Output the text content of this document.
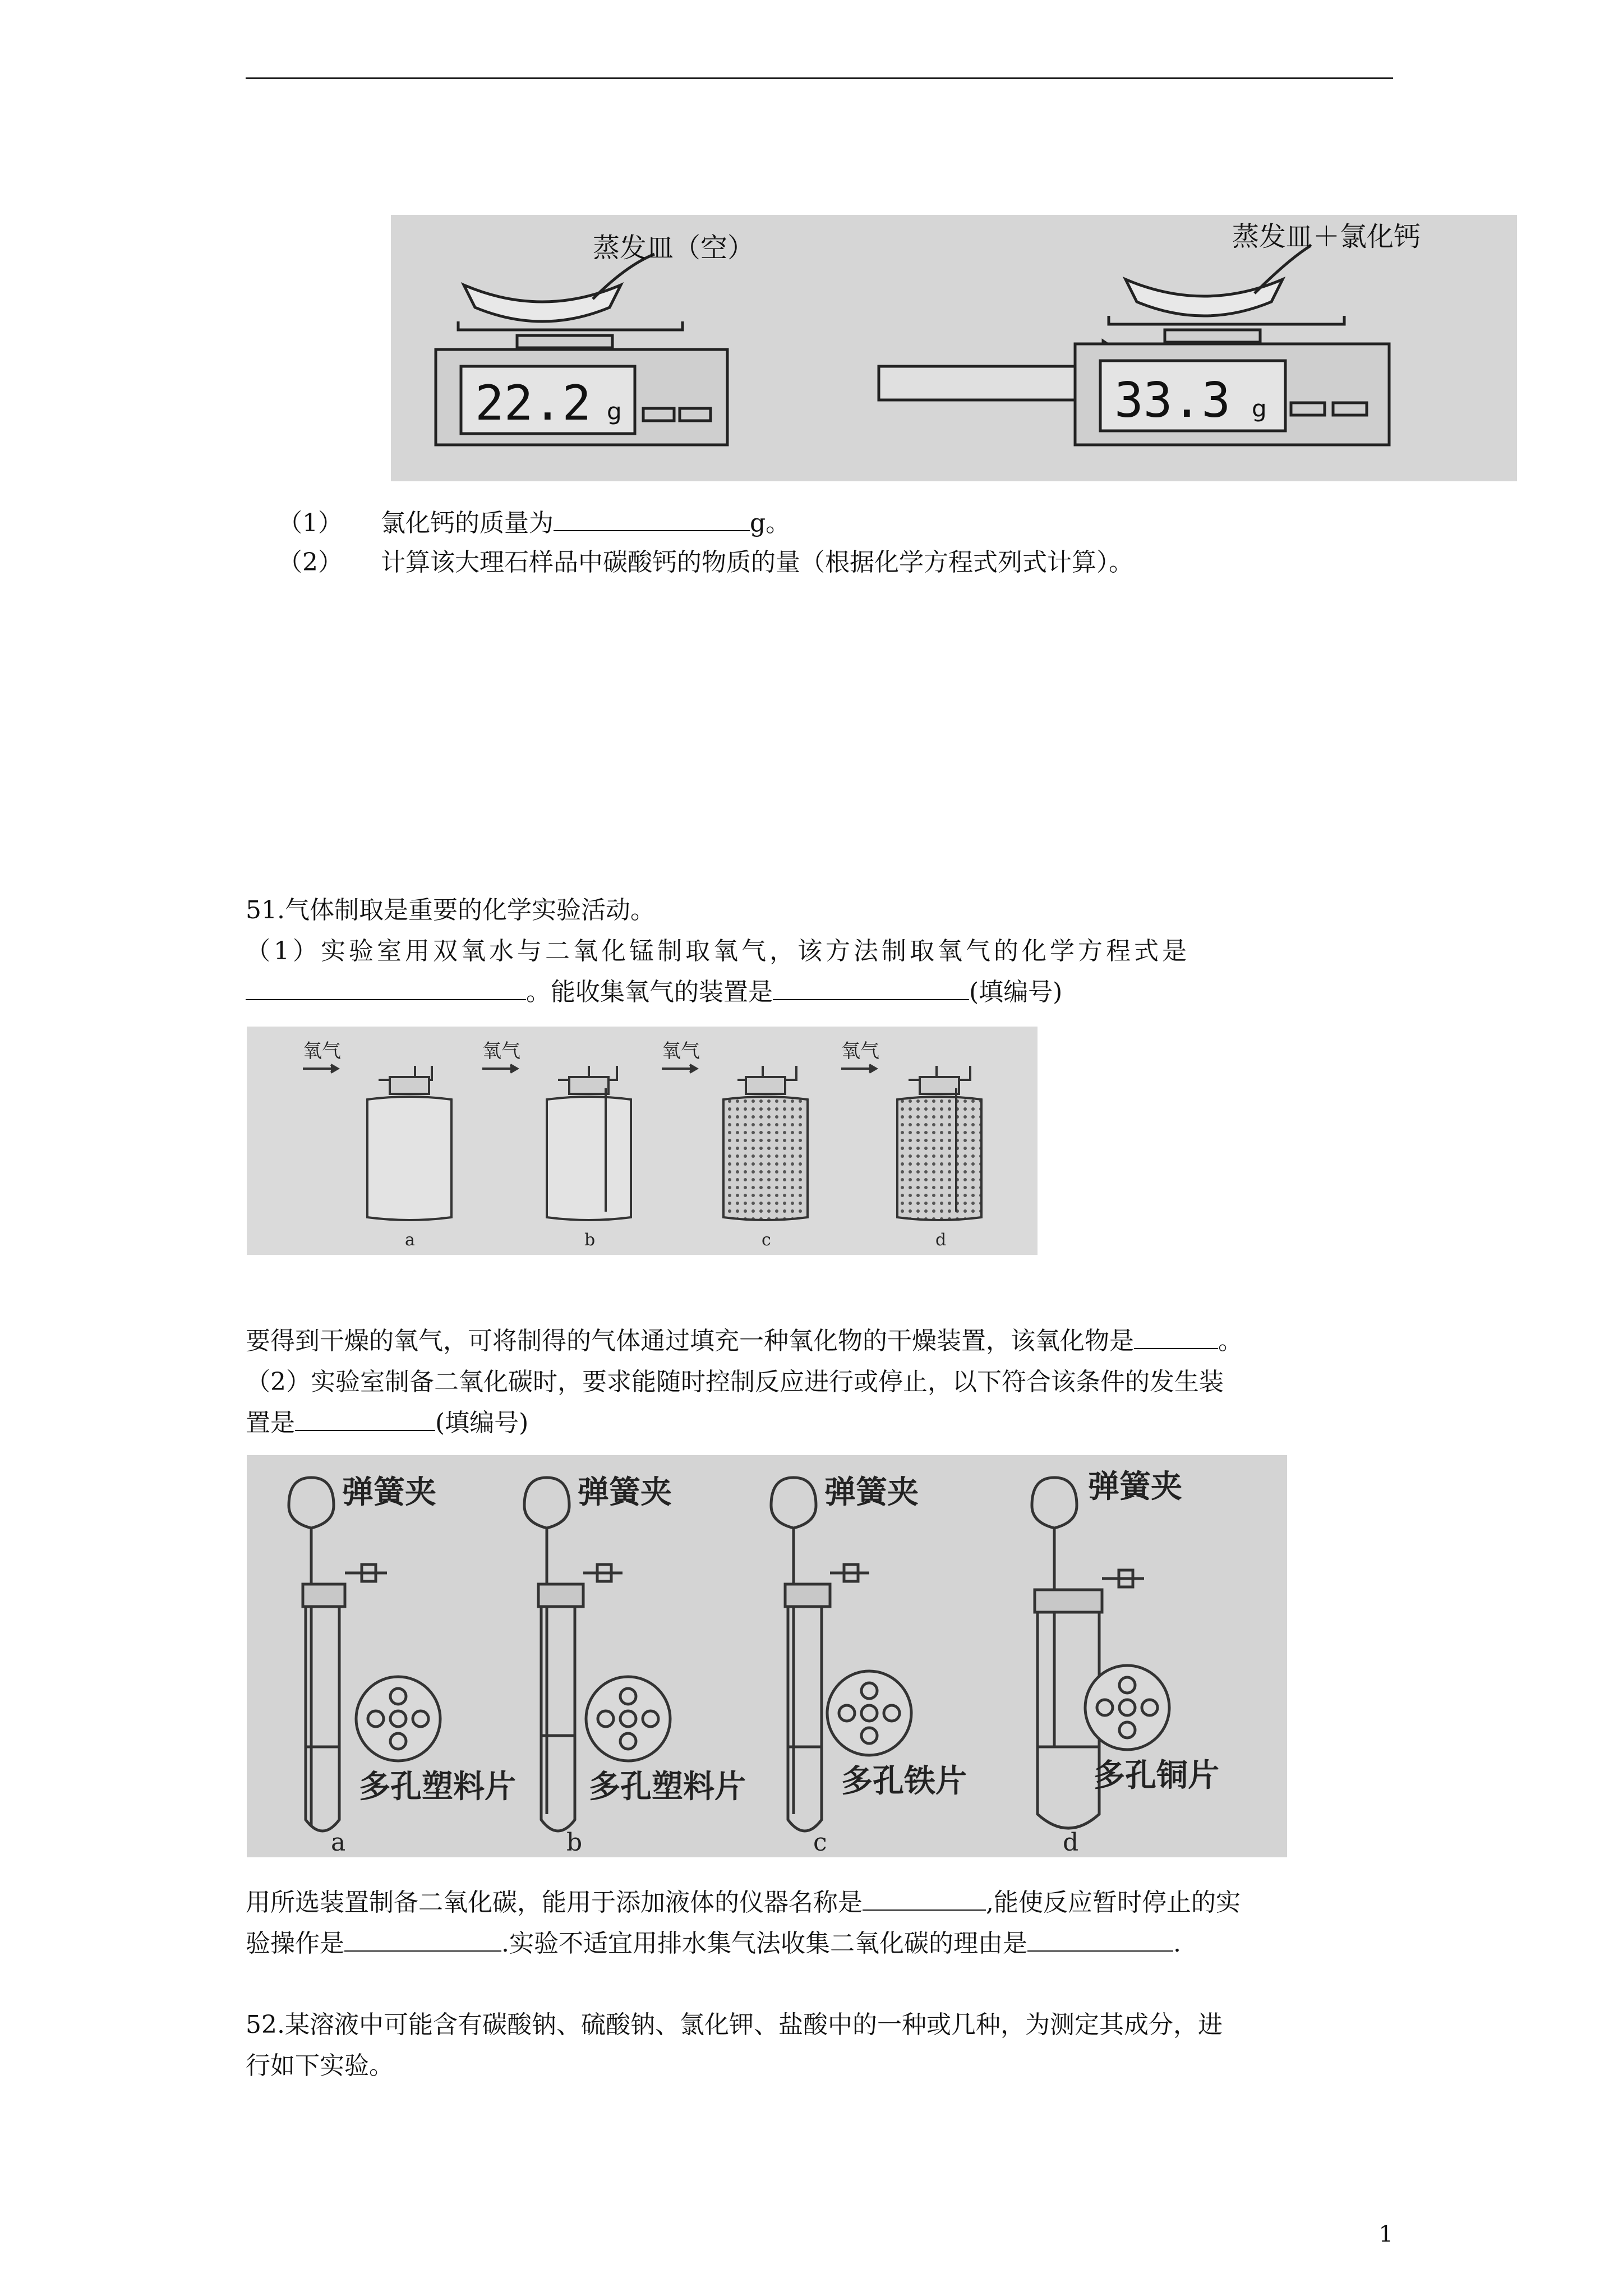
蒸发皿（空）	蒸发皿＋氯化钙
22.2 g	33.3 g
（1） 氯化钙的质量为	g。
（2） 计算该大理石样品中碳酸钙的物质的量（根据化学方程式列式计算）。
51.气体制取是重要的化学实验活动。
（1）实验室用双氧水与二氧化锰制取氧气，该方法制取氧气的化学方程式是
。能收集氧气的装置是	(填编号)
氧气	氧气	氧气	氧气
a	b	c	d
要得到干燥的氧气，可将制得的气体通过填充一种氧化物的干燥装置，该氧化物是	。
（2）实验室制备二氧化碳时，要求能随时控制反应进行或停止，以下符合该条件的发生装
置是	(填编号)
弹簧夹	弹簧夹	弹簧夹	弹簧夹
多孔塑料片 多孔塑料片	多孔铁片	多孔铜片
a	b	c	d
用所选装置制备二氧化碳，能用于添加液体的仪器名称是	,能使反应暂时停止的实
验操作是	.实验不适宜用排水集气法收集二氧化碳的理由是	.
52.某溶液中可能含有碳酸钠、硫酸钠、氯化钾、盐酸中的一种或几种，为测定其成分，进
行如下实验。
1
